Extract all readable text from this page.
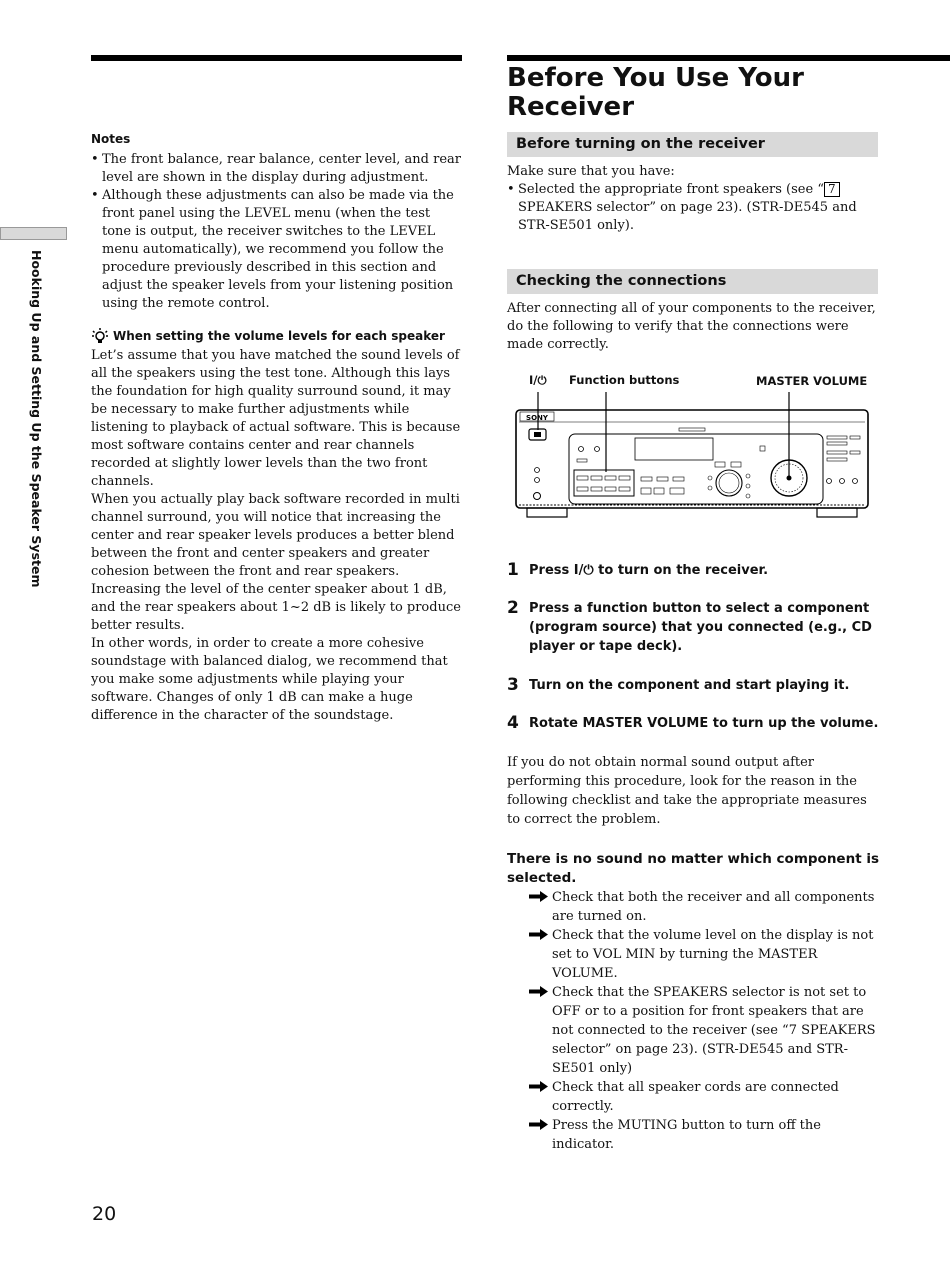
Hooking Up and Setting Up the Speaker System

Notes

• The front balance, rear balance, center level, and rear level are shown in the display during adjustment.
• Although these adjustments can also be made via the front panel using the LEVEL menu (when the test tone is output, the receiver switches to the LEVEL menu automatically), we recommend you follow the procedure previously described in this section and adjust the speaker levels from your listening position using the remote control.
When setting the volume levels for each speaker

Let’s assume that you have matched the sound levels of all the speakers using the test tone. Although this lays the foundation for high quality surround sound, it may be necessary to make further adjustments while listening to playback of actual software. This is because most software contains center and rear channels recorded at slightly lower levels than the two front channels.

When you actually play back software recorded in multi channel surround, you will notice that increasing the center and rear speaker levels produces a better blend between the front and center speakers and greater cohesion between the front and rear speakers. Increasing the level of the center speaker about 1 dB, and the rear speakers about 1~2 dB is likely to produce better results.

In other words, in order to create a more cohesive soundstage with balanced dialog, we recommend that you make some adjustments while playing your software. Changes of only 1 dB can make a huge difference in the character of the soundstage.

Before You Use Your Receiver
Before turning on the receiver

Make sure that you have:

• Selected the appropriate front speakers (see “ 7 SPEAKERS selector” on page 23). (STR-DE545 and STR-SE501 only).
Checking the connections

After connecting all of your components to the receiver, do the following to verify that the connections were made correctly.

I/⏻ Function buttons	MASTER VOLUME
SONY
1 Press I/⏻ to turn on the receiver.
2 Press a function button to select a component (program source) that you connected (e.g., CD player or tape deck).
3 Turn on the component and start playing it.
4 Rotate MASTER VOLUME to turn up the volume.

If you do not obtain normal sound output after performing this procedure, look for the reason in the following checklist and take the appropriate measures to correct the problem.

There is no sound no matter which component is selected.
Check that both the receiver and all components are turned on.
Check that the volume level on the display is not set to VOL MIN by turning the MASTER VOLUME.
Check that the SPEAKERS selector is not set to OFF or to a position for front speakers that are not connected to the receiver (see “7 SPEAKERS selector” on page 23). (STR-DE545 and STR-SE501 only)
Check that all speaker cords are connected correctly.
Press the MUTING button to turn off the indicator.
20
